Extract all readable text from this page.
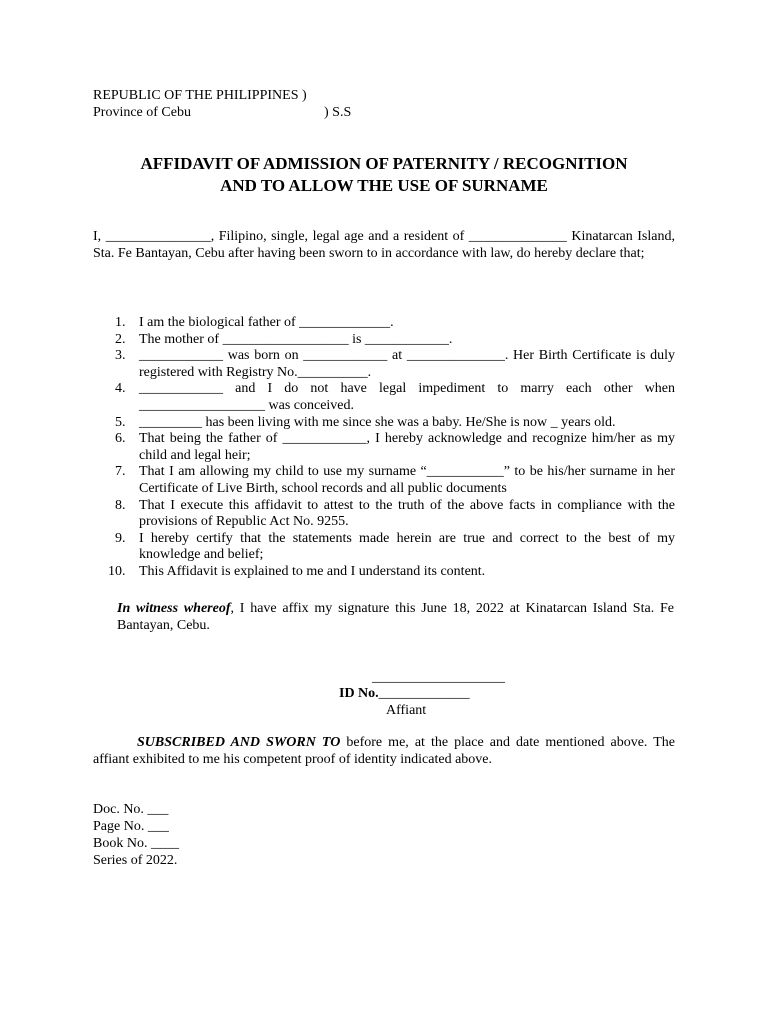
REPUBLIC OF THE PHILIPPINES )
Province of Cebu	) S.S
AFFIDAVIT OF ADMISSION OF PATERNITY / RECOGNITION
AND TO ALLOW THE USE OF SURNAME
I, _______________, Filipino, single, legal age and a resident of ______________ Kinatarcan Island, Sta. Fe Bantayan, Cebu after having been sworn to in accordance with law, do hereby declare that;
1. I am the biological father of _____________.
2. The mother of __________________ is ____________.
3. ____________ was born on ____________ at ______________. Her Birth Certificate is duly registered with Registry No.__________.
4. ____________ and I do not have legal impediment to marry each other when __________________ was conceived.
5. _________ has been living with me since she was a baby. He/She is now _ years old.
6. That being the father of ____________, I hereby acknowledge and recognize him/her as my child and legal heir;
7. That I am allowing my child to use my surname “___________” to be his/her surname in her Certificate of Live Birth, school records and all public documents
8. That I execute this affidavit to attest to the truth of the above facts in compliance with the provisions of Republic Act No. 9255.
9. I hereby certify that the statements made herein are true and correct to the best of my knowledge and belief;
10. This Affidavit is explained to me and I understand its content.
In witness whereof, I have affix my signature this June 18, 2022 at Kinatarcan Island Sta. Fe Bantayan, Cebu.
___________________
ID No._____________
Affiant
SUBSCRIBED AND SWORN TO before me, at the place and date mentioned above. The affiant exhibited to me his competent proof of identity indicated above.
Doc. No. ___
Page No. ___
Book No. ____
Series of 2022.
